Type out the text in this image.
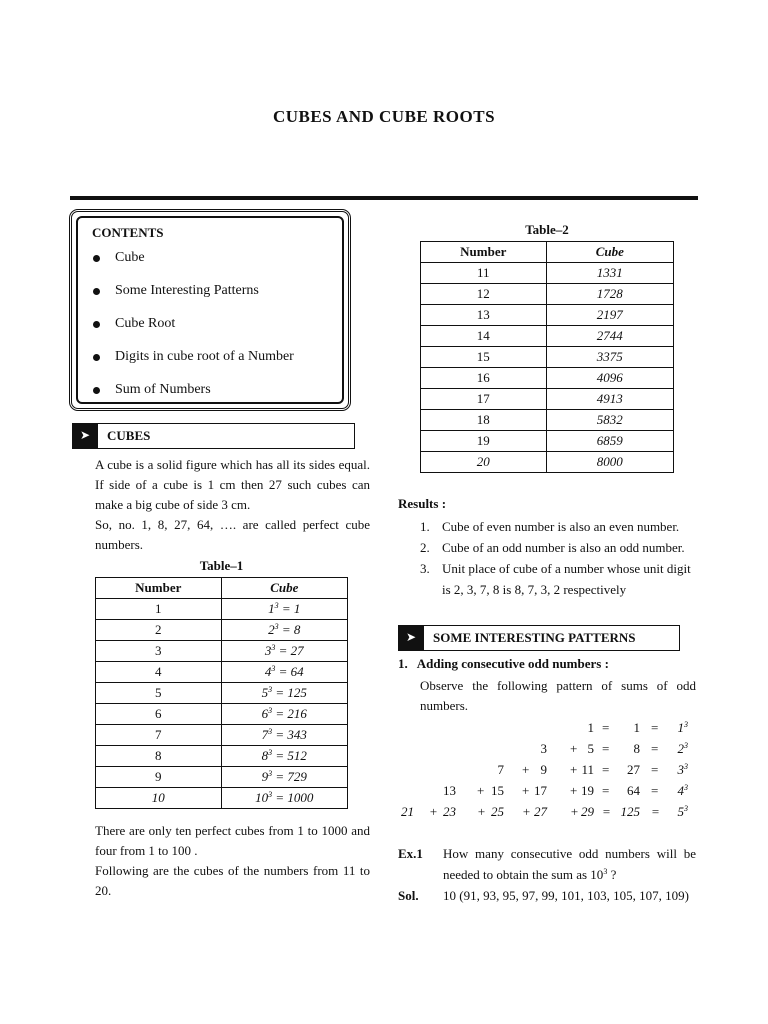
CUBES AND CUBE ROOTS
CONTENTS
Cube
Some Interesting Patterns
Cube Root
Digits in cube root of a Number
Sum of Numbers
➤	CUBES
A cube is a solid figure which has all its sides equal. If side of a cube is 1 cm then 27 such cubes can make a big cube of side 3 cm.
So, no. 1, 8, 27, 64, …. are called perfect cube numbers.
Table–1
Number	Cube
1	$1^3 = 1$
2	$2^3 = 8$
3	$3^3 = 27$
4	$4^3 = 64$
5	$5^3 = 125$
6	$6^3 = 216$
7	$7^3 = 343$
8	$8^3 = 512$
9	$9^3 = 729$
10	$10^3 = 1000$
There are only ten perfect cubes from 1 to 1000 and four from 1 to 100 .
Following are the cubes of the numbers from 11 to 20.
Table–2
Number	Cube
11	1331
12	1728
13	2197
14	2744
15	3375
16	4096
17	4913
18	5832
19	6859
20	8000
Results :
1. Cube of even number is also an even number.
2. Cube of an odd number is also an odd number.
3. Unit place of cube of a number whose unit digit is 2, 3, 7, 8 is 8, 7, 3, 2 respectively
➤	SOME INTERESTING PATTERNS
1.   Adding consecutive odd numbers :
Observe the following pattern of sums of odd numbers.
$1 = 1 = 1^3$
$3 + 5 = 8 = 2^3$
$7 + 9 + 11 = 27 = 3^3$
$13 + 15 + 17 + 19 = 64 = 4^3$
$21 + 23 + 25 + 27 + 29 = 125 = 5^3$
Ex.1 How many consecutive odd numbers will be needed to obtain the sum as $10^3$ ?
Sol. 10 (91, 93, 95, 97, 99, 101, 103, 105, 107, 109)
